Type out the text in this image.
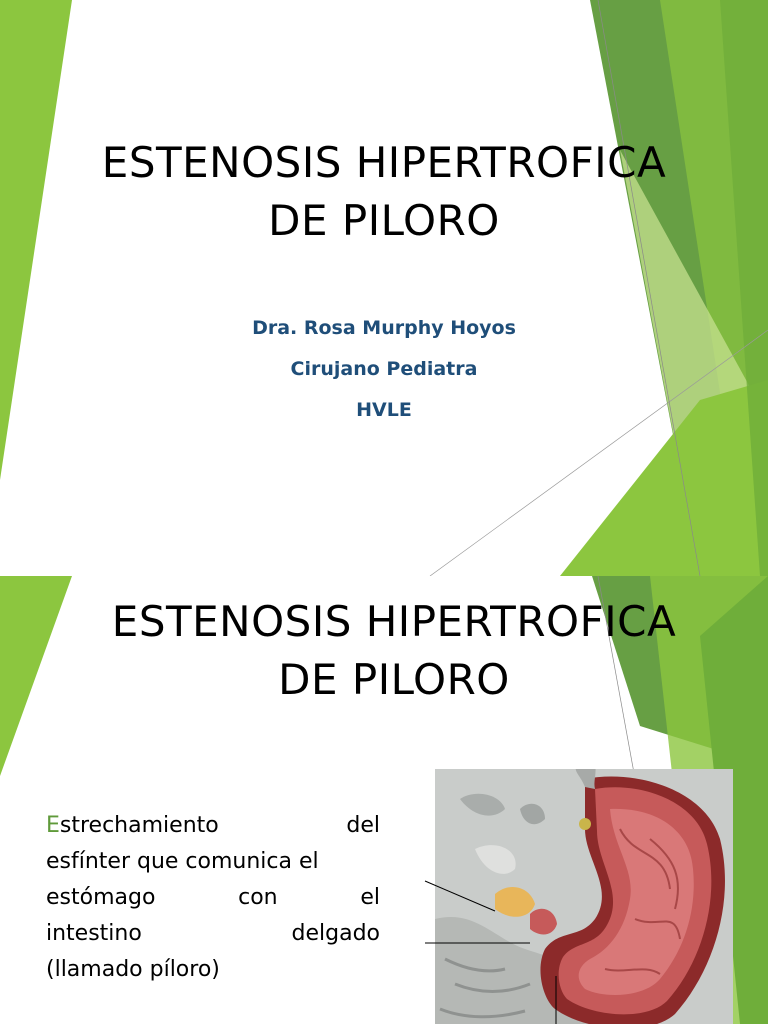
ESTENOSIS HIPERTROFICA
DE PILORO
Dra. Rosa Murphy Hoyos
Cirujano Pediatra
HVLE
ESTENOSIS HIPERTROFICA
DE PILORO
Estrechamiento	del
esfínter que comunica el
estómago	con	el
intestino	delgado
(llamado píloro)
